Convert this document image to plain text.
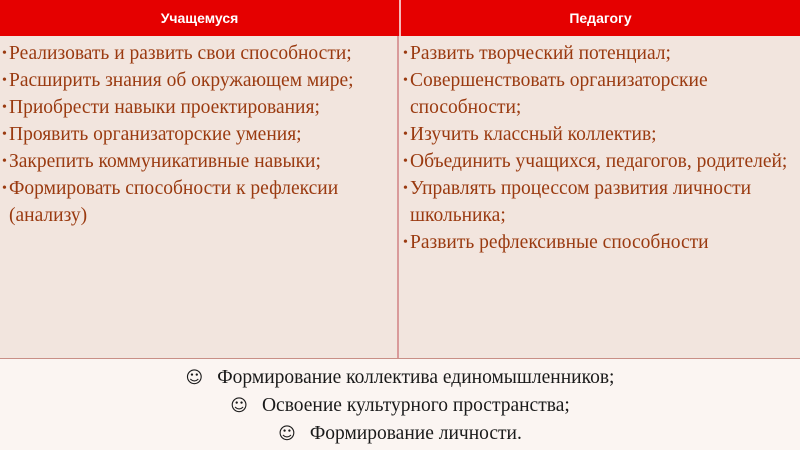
Учащемуся	Педагогу
• Реализовать и развить свои способности;
• Расширить знания об окружающем мире;
• Приобрести навыки проектирования;
• Проявить организаторские умения;
• Закрепить коммуникативные навыки;
• Формировать способности к рефлексии (анализу)
• Развить творческий потенциал;
• Совершенствовать организаторские способности;
• Изучить классный коллектив;
• Объединить учащихся, педагогов, родителей;
• Управлять процессом развития личности школьника;
• Развить рефлексивные способности
☺ Формирование коллектива единомышленников;
☺ Освоение культурного пространства;
☺ Формирование личности.
